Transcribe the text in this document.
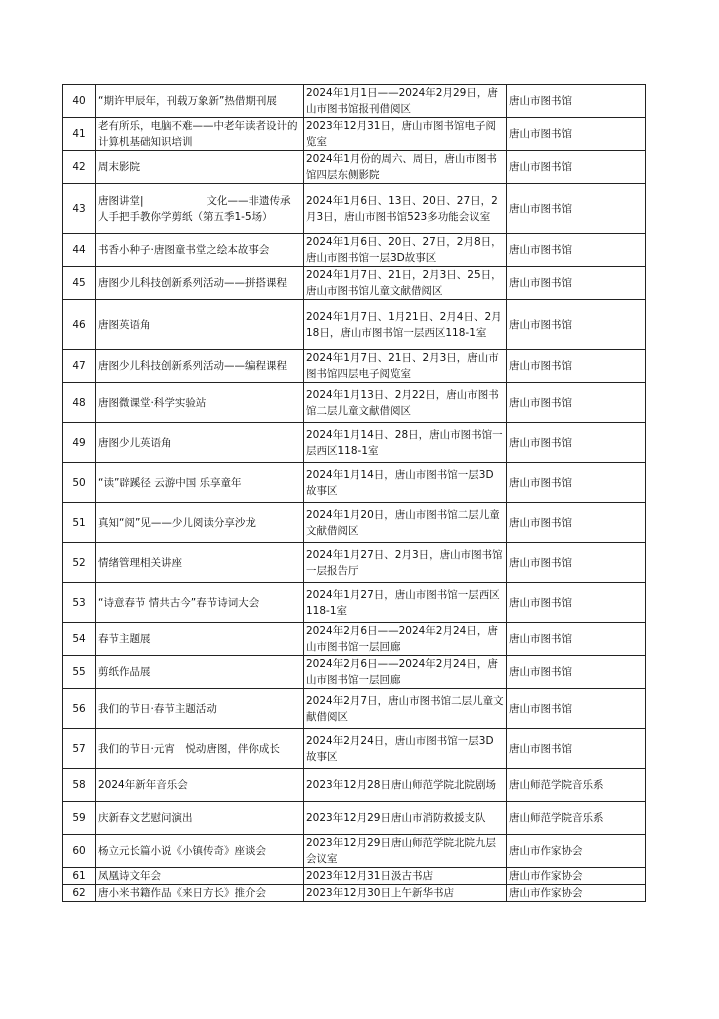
40	“期许甲辰年，刊载万象新”热借期刊展	2024年1月1日——2024年2月29日，唐山市图书馆报刊借阅区	唐山市图书馆

41	老有所乐，电脑不难——中老年读者设计的计算机基础知识培训	2023年12月31日，唐山市图书馆电子阅览室	唐山市图书馆

42	周末影院	2024年1月份的周六、周日，唐山市图书馆四层东侧影院	唐山市图书馆

43	唐图讲堂|　　　　　　文化——非遗传承人手把手教你学剪纸（第五季1-5场）	2024年1月6日、13日、20日、27日，2月3日，唐山市图书馆523多功能会议室	唐山市图书馆

44	书香小种子·唐图童书堂之绘本故事会	2024年1月6日、20日、27日，2月8日，唐山市图书馆一层3D故事区	唐山市图书馆

45	唐图少儿科技创新系列活动——拼搭课程	2024年1月7日、21日，2月3日、25日，唐山市图书馆儿童文献借阅区	唐山市图书馆

46	唐图英语角	2024年1月7日、1月21日、2月4日、2月18日，唐山市图书馆一层西区118-1室	唐山市图书馆

47	唐图少儿科技创新系列活动——编程课程	2024年1月7日、21日、2月3日，唐山市图书馆四层电子阅览室	唐山市图书馆

48	唐图微课堂·科学实验站	2024年1月13日、2月22日，唐山市图书馆二层儿童文献借阅区	唐山市图书馆

49	唐图少儿英语角	2024年1月14日、28日，唐山市图书馆一层西区118-1室	唐山市图书馆

50	“读”辟蹊径 云游中国 乐享童年	2024年1月14日，唐山市图书馆一层3D故事区	唐山市图书馆

51	真知“阅”见——少儿阅读分享沙龙	2024年1月20日，唐山市图书馆二层儿童文献借阅区	唐山市图书馆

52	情绪管理相关讲座	2024年1月27日、2月3日，唐山市图书馆一层报告厅	唐山市图书馆

53	“诗意春节 情共古今”春节诗词大会	2024年1月27日，唐山市图书馆一层西区118-1室	唐山市图书馆

54	春节主题展	2024年2月6日——2024年2月24日，唐山市图书馆一层回廊	唐山市图书馆

55	剪纸作品展	2024年2月6日——2024年2月24日，唐山市图书馆一层回廊	唐山市图书馆

56	我们的节日·春节主题活动	2024年2月7日，唐山市图书馆二层儿童文献借阅区	唐山市图书馆

57	我们的节日·元宵　悦动唐图，伴你成长	2024年2月24日，唐山市图书馆一层3D故事区	唐山市图书馆

58	2024年新年音乐会	2023年12月28日唐山师范学院北院剧场	唐山师范学院音乐系

59	庆新春文艺慰问演出	2023年12月29日唐山市消防救援支队	唐山师范学院音乐系

60	杨立元长篇小说《小镇传奇》座谈会	2023年12月29日唐山师范学院北院九层会议室	唐山市作家协会

61	凤凰诗文年会	2023年12月31日汲古书店	唐山市作家协会

62	唐小米书籍作品《来日方长》推介会	2023年12月30日上午新华书店	唐山市作家协会
